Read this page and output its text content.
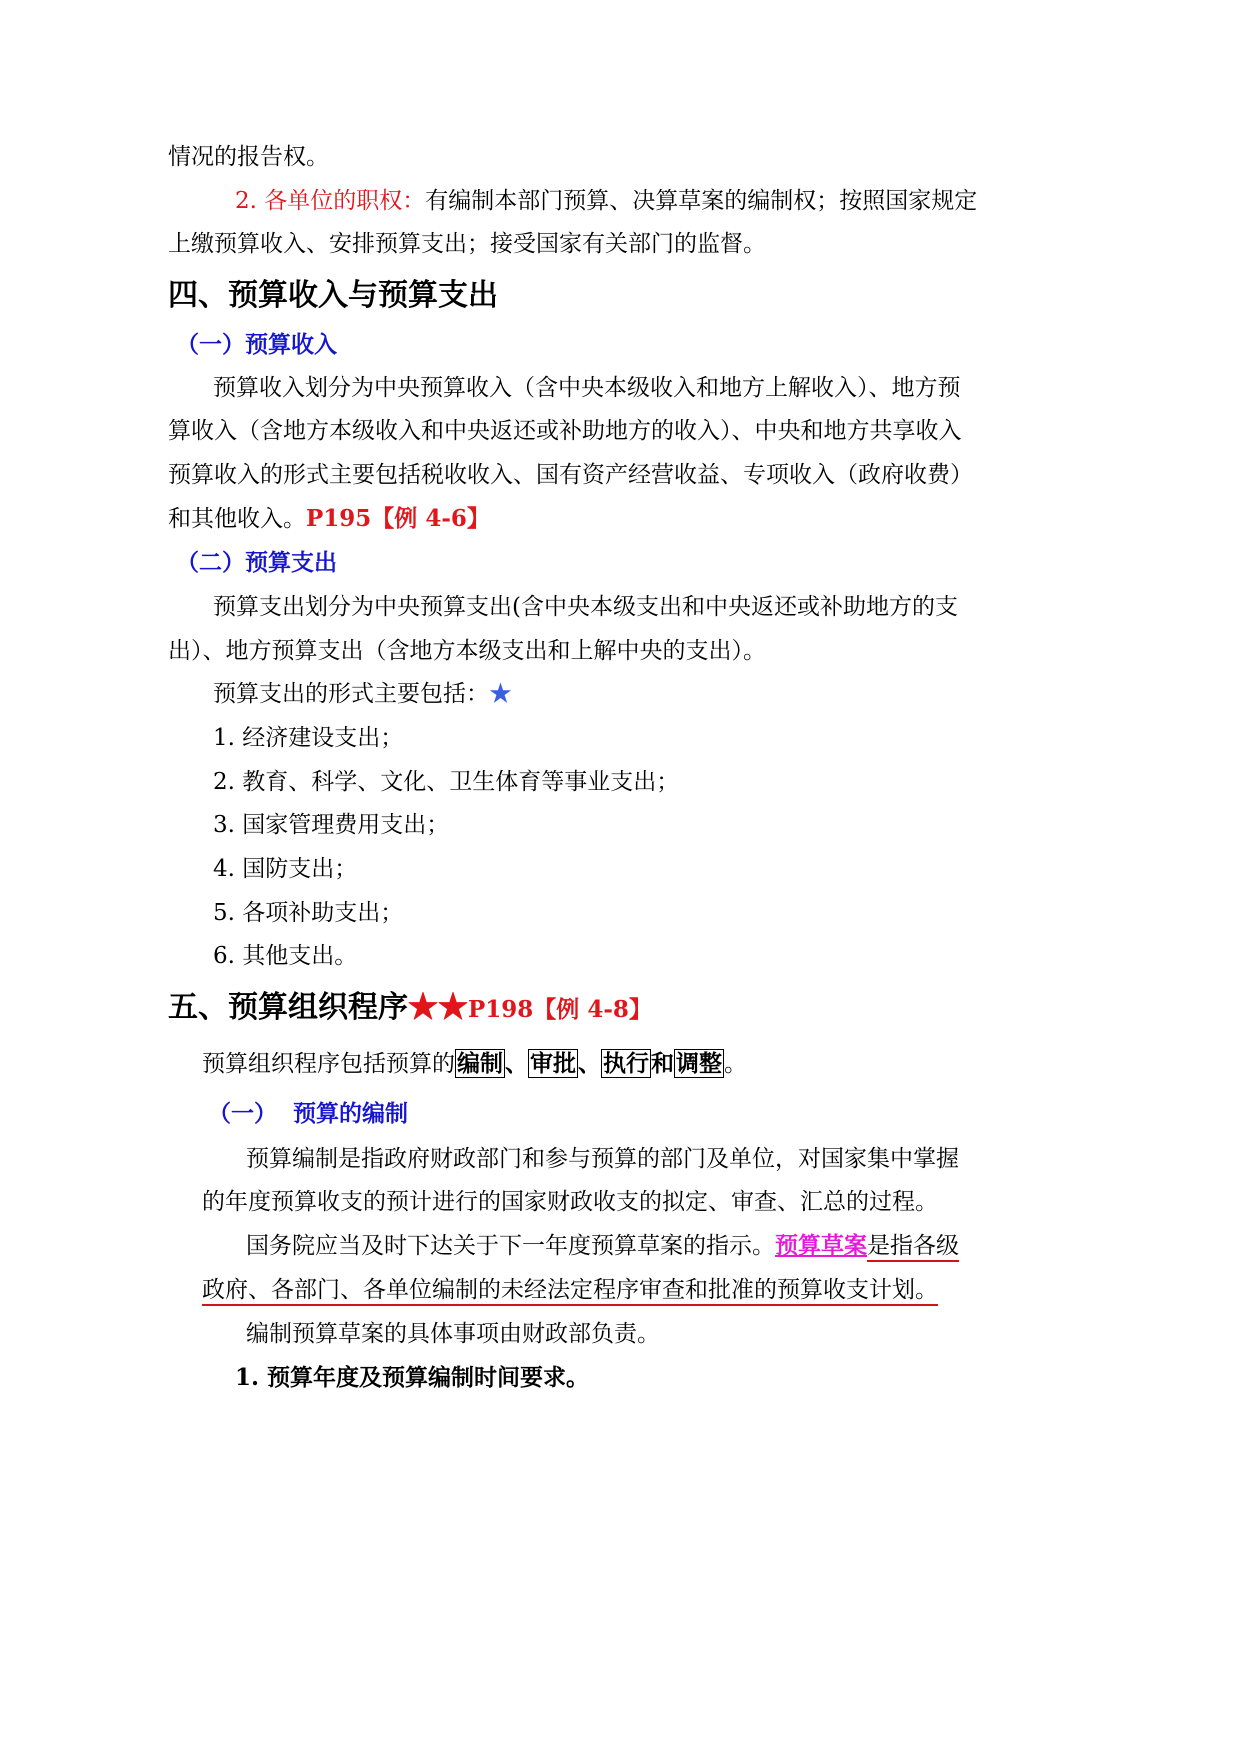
情况的报告权。
2. 各单位的职权：有编制本部门预算、决算草案的编制权；按照国家规定
上缴预算收入、安排预算支出；接受国家有关部门的监督。
四、预算收入与预算支出
（一）预算收入
预算收入划分为中央预算收入（含中央本级收入和地方上解收入）、地方预
算收入（含地方本级收入和中央返还或补助地方的收入）、中央和地方共享收入
预算收入的形式主要包括税收收入、国有资产经营收益、专项收入（政府收费）
和其他收入。P195【例 4-6】
（二）预算支出
预算支出划分为中央预算支出(含中央本级支出和中央返还或补助地方的支
出）、地方预算支出（含地方本级支出和上解中央的支出）。
预算支出的形式主要包括：★
1. 经济建设支出；
2. 教育、科学、文化、卫生体育等事业支出；
3. 国家管理费用支出；
4. 国防支出；
5. 各项补助支出；
6. 其他支出。
五、预算组织程序★★P198【例 4-8】
预算组织程序包括预算的编制、审批、执行和调整。
（一）  预算的编制
预算编制是指政府财政部门和参与预算的部门及单位，对国家集中掌握
的年度预算收支的预计进行的国家财政收支的拟定、审查、汇总的过程。
国务院应当及时下达关于下一年度预算草案的指示。预算草案是指各级
政府、各部门、各单位编制的未经法定程序审查和批准的预算收支计划。
编制预算草案的具体事项由财政部负责。
1. 预算年度及预算编制时间要求。
